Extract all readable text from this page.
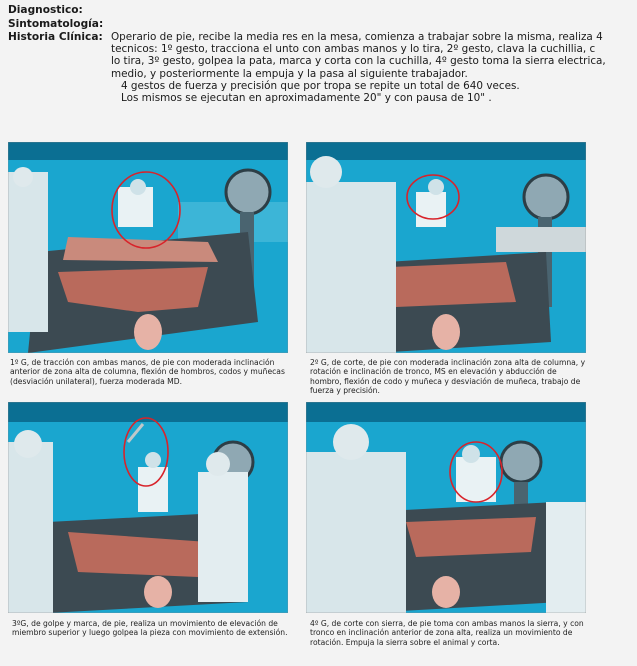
Diagnostico:
Sintomatología:
Historia Clínica: Operario de pie, recibe la media res en la mesa, comienza a trabajar sobre la misma, realiza 4

tecnicos: 1º gesto, tracciona el unto con ambas manos y lo tira, 2º gesto, clava la cuchillia, c

lo tira, 3º gesto, golpea la pata, marca y corta con la cuchilla, 4º gesto toma la sierra electrica,

medio, y posteriormente la empuja y la pasa al siguiente trabajador.

4 gestos de fuerza y precisión que por tropa se repite un total de 640 veces.

Los mismos se ejecutan en aproximadamente 20" y con pausa de 10" .

1º G, de tracción con ambas manos, de pie con moderada inclinación anterior de zona alta de columna, flexión de hombros, codos y muñecas (desviación unilateral), fuerza moderada MD.
2º G, de corte, de pie con moderada inclinación zona alta de columna, y rotación e inclinación de tronco, MS en elevación y abducción de hombro, flexión de codo y muñeca y desviación de muñeca, trabajo de fuerza y precisión.
3ºG, de golpe y marca, de pie, realiza un movimiento de elevación de miembro superior y luego golpea la pieza con movimiento de extensión.
4º G, de corte con sierra, de pie toma con ambas manos la sierra, y con tronco en inclinación anterior de zona alta, realiza un movimiento de rotación. Empuja la sierra sobre el animal y corta.
